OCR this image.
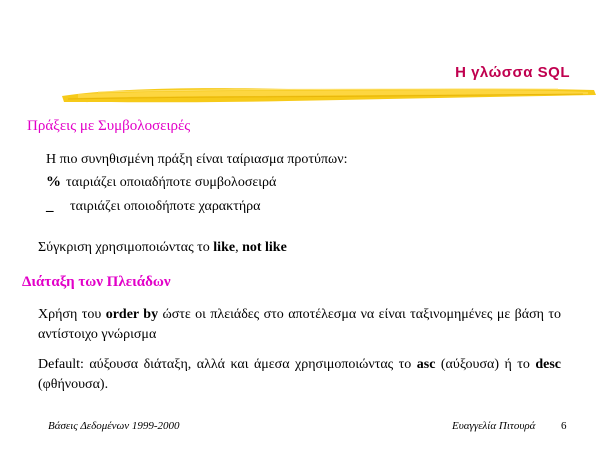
Η γλώσσα SQL
Πράξεις με Συμβολοσειρές
Η πιο συνηθισμένη πράξη είναι ταίριασμα προτύπων:
% ταιριάζει οποιαδήποτε συμβολοσειρά
_ ταιριάζει οποιοδήποτε χαρακτήρα
Σύγκριση χρησιμοποιώντας το like, not like
Διάταξη των Πλειάδων
Χρήση του order by ώστε οι πλειάδες στο αποτέλεσμα να είναι ταξινομημένες με βάση το αντίστοιχο γνώρισμα
Default: αύξουσα διάταξη, αλλά και άμεσα χρησιμοποιώντας το asc (αύξουσα) ή το desc (φθήνουσα).
Βάσεις Δεδομένων 1999-2000	Ευαγγελία Πιτουρά 6
